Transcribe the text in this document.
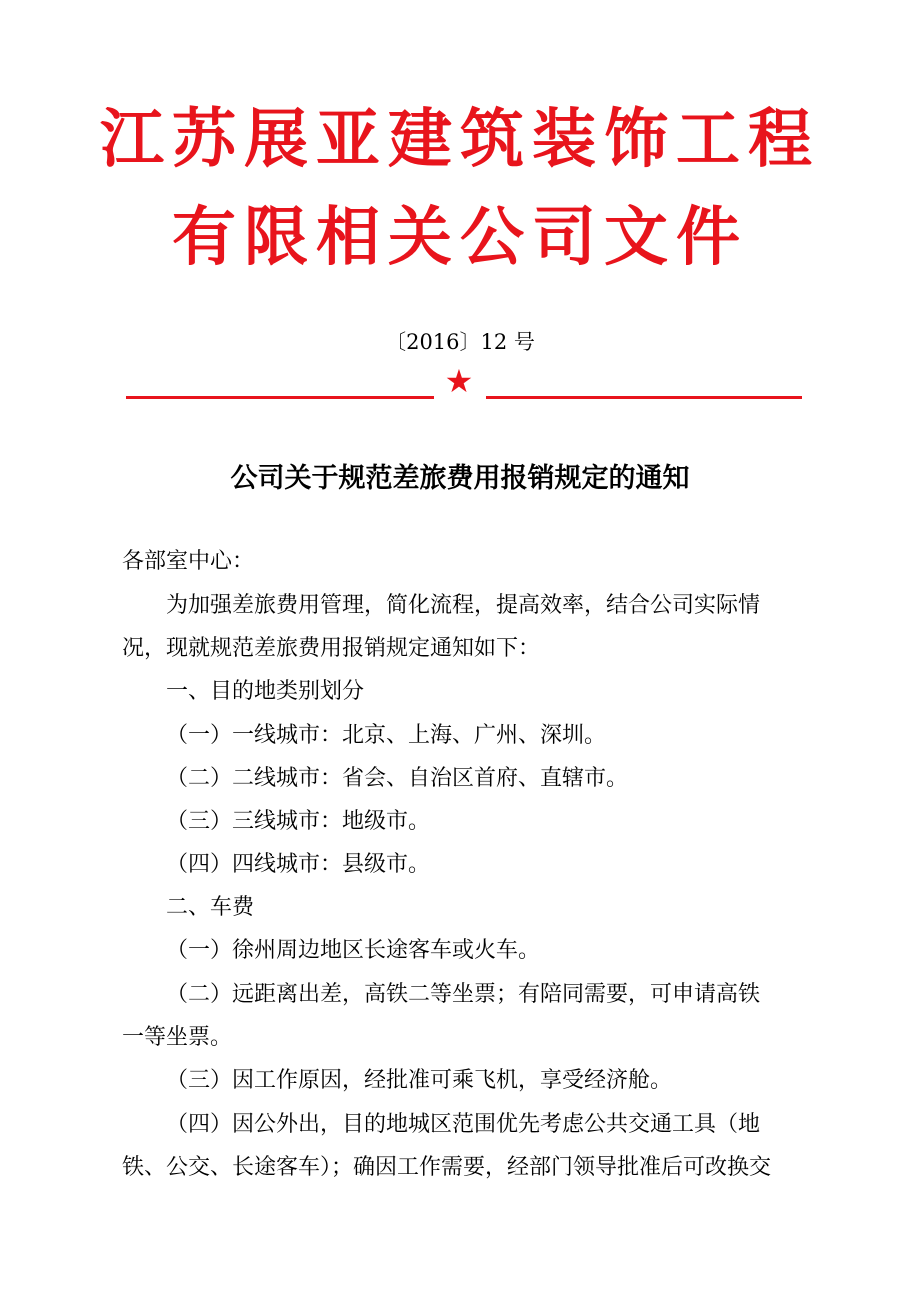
江苏展亚建筑装饰工程
有限相关公司文件
〔2016〕12 号
★
公司关于规范差旅费用报销规定的通知
各部室中心：
为加强差旅费用管理，简化流程，提高效率，结合公司实际情
况，现就规范差旅费用报销规定通知如下：
一、目的地类别划分
（一）一线城市：北京、上海、广州、深圳。
（二）二线城市：省会、自治区首府、直辖市。
（三）三线城市：地级市。
（四）四线城市：县级市。
二、车费
（一）徐州周边地区长途客车或火车。
（二）远距离出差，高铁二等坐票；有陪同需要，可申请高铁
一等坐票。
（三）因工作原因，经批准可乘飞机，享受经济舱。
（四）因公外出，目的地城区范围优先考虑公共交通工具（地
铁、公交、长途客车）；确因工作需要，经部门领导批准后可改换交
